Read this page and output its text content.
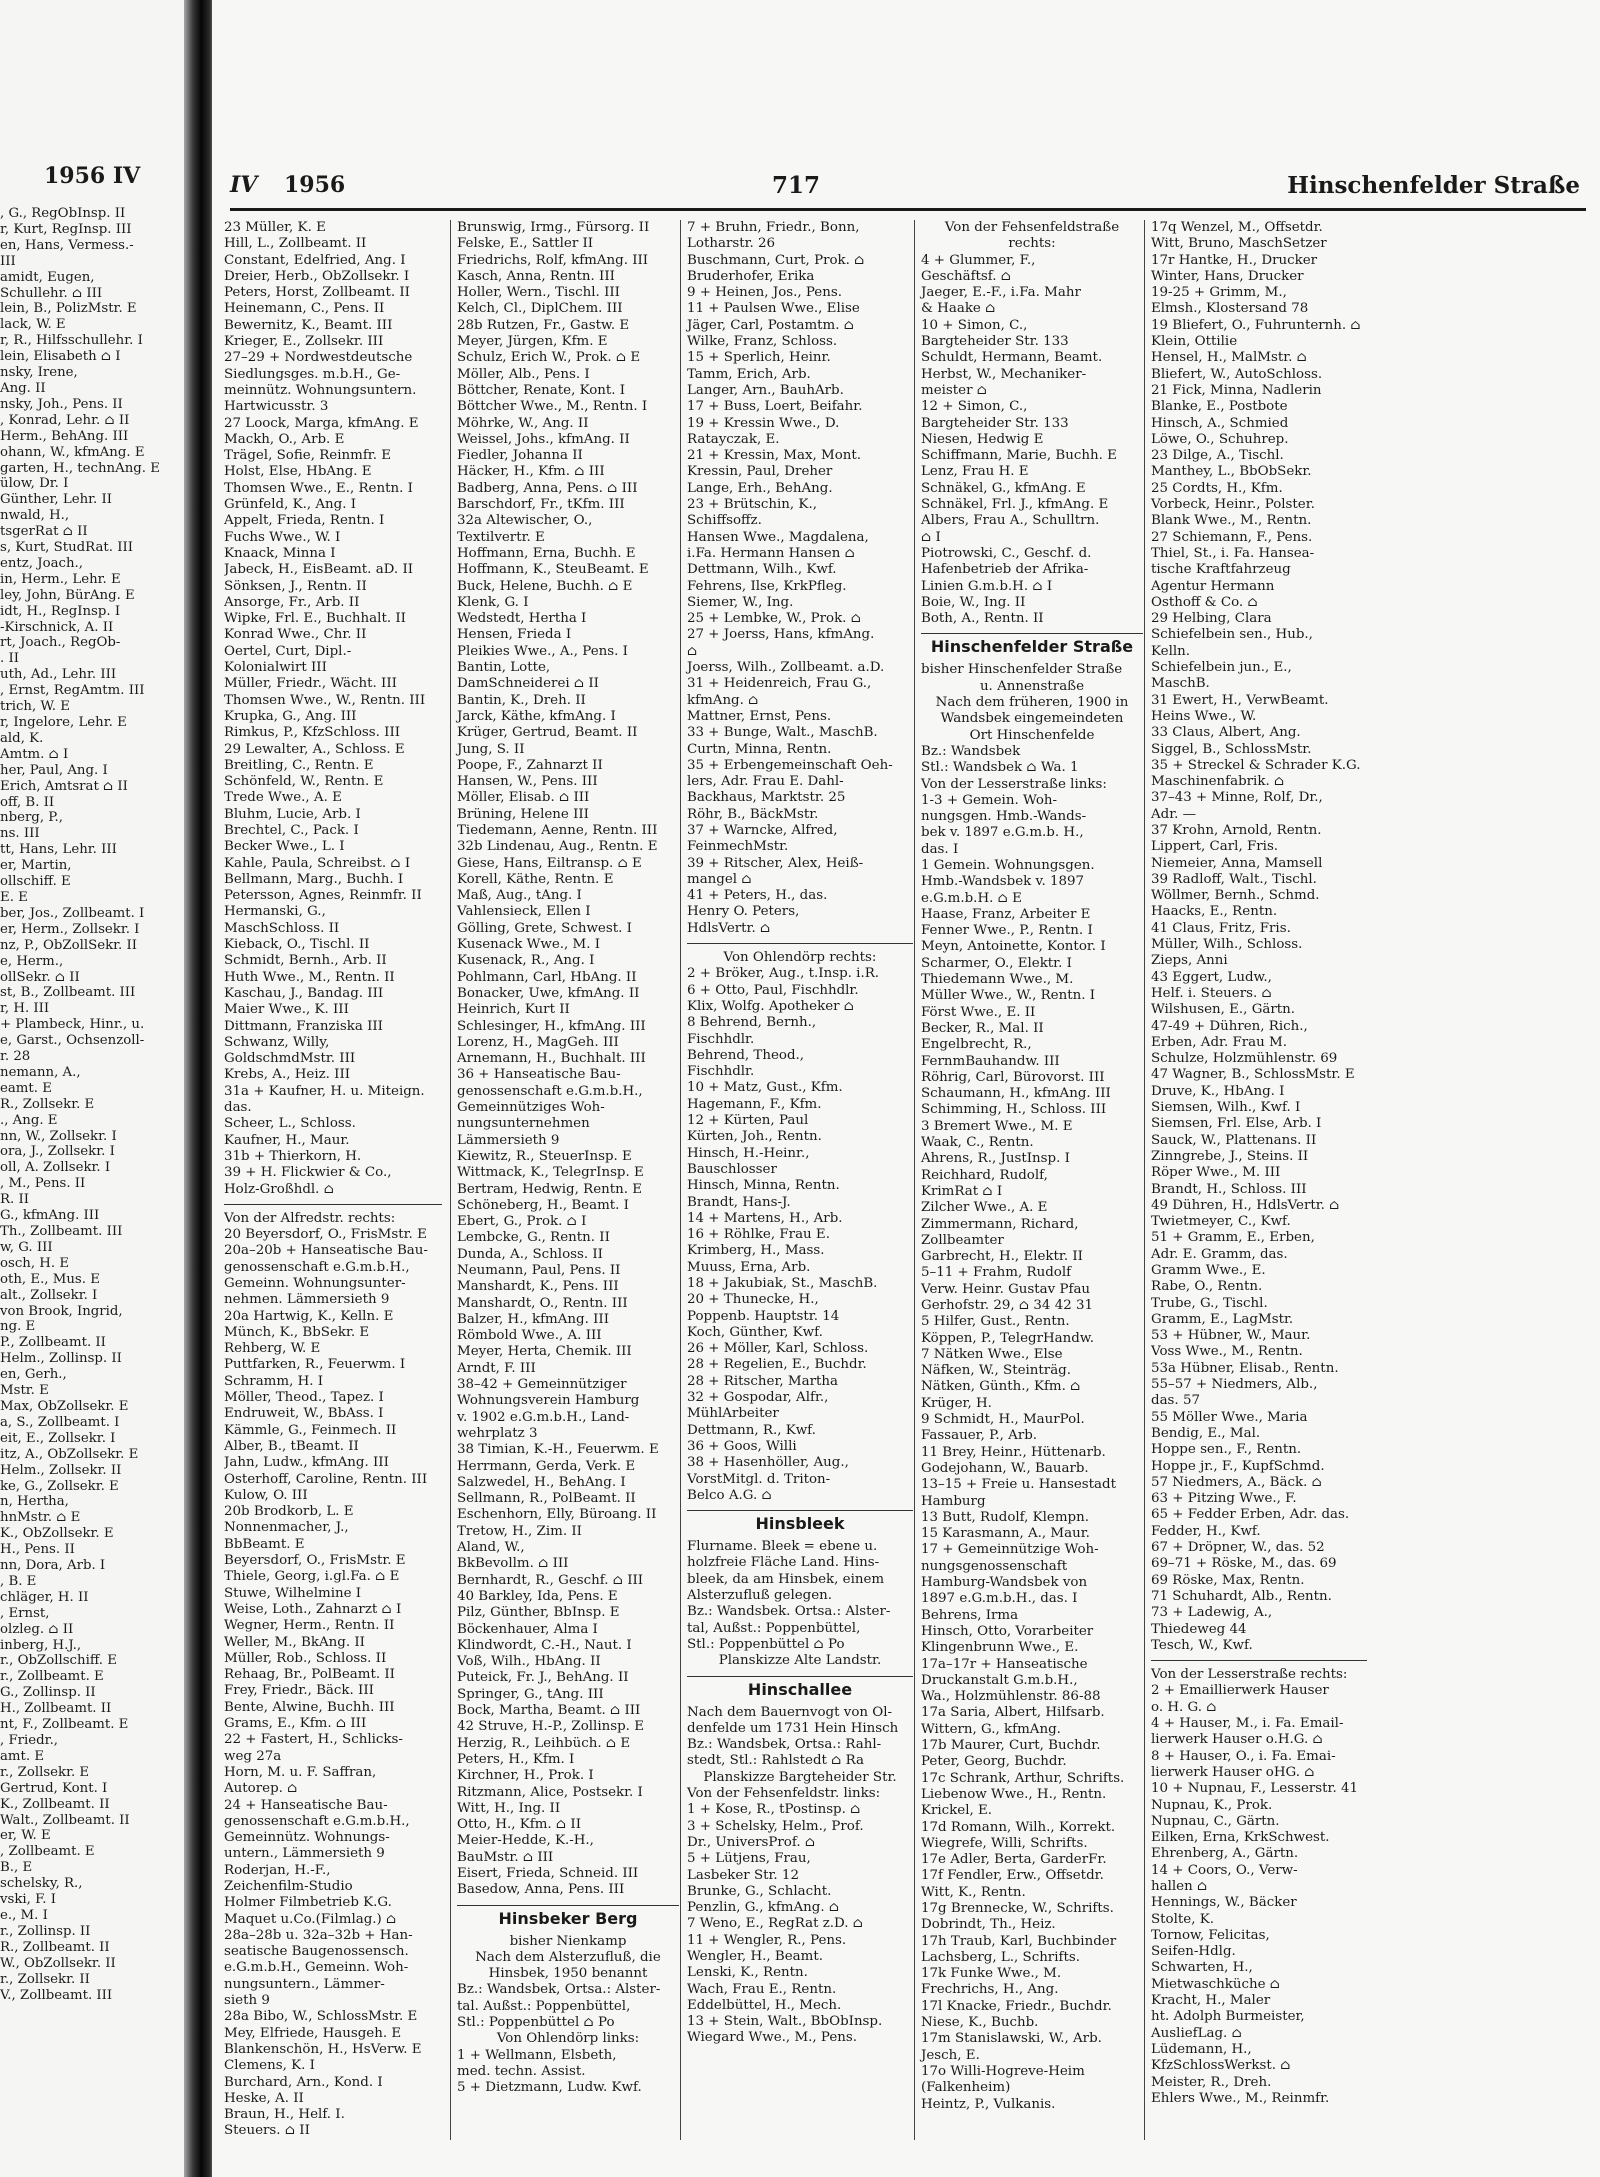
1956 IV
, G., RegObInsp. II
r, Kurt, RegInsp. III
en, Hans, Vermess.-
III
amidt, Eugen,
Schullehr. ⌂ III
lein, B., PolizMstr. E
lack, W. E
r, R., Hilfsschullehr. I
lein, Elisabeth ⌂ I
nsky, Irene,
Ang. II
nsky, Joh., Pens. II
, Konrad, Lehr. ⌂ II
Herm., BehAng. III
ohann, W., kfmAng. E
garten, H., technAng. E
ülow, Dr. I
Günther, Lehr. II
nwald, H.,
tsgerRat ⌂ II
s, Kurt, StudRat. III
entz, Joach.,
in, Herm., Lehr. E
ley, John, BürAng. E
idt, H., RegInsp. I
-Kirschnick, A. II
rt, Joach., RegOb-
. II
uth, Ad., Lehr. III
, Ernst, RegAmtm. III
trich, W. E
r, Ingelore, Lehr. E
ald, K.
Amtm. ⌂ I
her, Paul, Ang. I
Erich, Amtsrat ⌂ II
off, B. II
nberg, P.,
ns. III
tt, Hans, Lehr. III
er, Martin,
ollschiff. E
E. E
ber, Jos., Zollbeamt. I
er, Herm., Zollsekr. I
nz, P., ObZollSekr. II
e, Herm.,
ollSekr. ⌂ II
st, B., Zollbeamt. III
r, H. III
+ Plambeck, Hinr., u.
e, Garst., Ochsenzoll-
r. 28
nemann, A.,
eamt. E
R., Zollsekr. E
., Ang. E
nn, W., Zollsekr. I
ora, J., Zollsekr. I
oll, A. Zollsekr. I
, M., Pens. II
R. II
G., kfmAng. III
Th., Zollbeamt. III
w, G. III
osch, H. E
oth, E., Mus. E
alt., Zollsekr. I
von Brook, Ingrid,
ng. E
P., Zollbeamt. II
Helm., Zollinsp. II
en, Gerh.,
Mstr. E
Max, ObZollsekr. E
a, S., Zollbeamt. I
eit, E., Zollsekr. I
itz, A., ObZollsekr. E
Helm., Zollsekr. II
ke, G., Zollsekr. E
n, Hertha,
hnMstr. ⌂ E
K., ObZollsekr. E
H., Pens. II
nn, Dora, Arb. I
, B. E
chläger, H. II
, Ernst,
olzleg. ⌂ II
inberg, H.J.,
r., ObZollschiff. E
r., Zollbeamt. E
G., Zollinsp. II
H., Zollbeamt. II
nt, F., Zollbeamt. E
, Friedr.,
amt. E
r., Zollsekr. E
Gertrud, Kont. I
K., Zollbeamt. II
Walt., Zollbeamt. II
er, W. E
, Zollbeamt. E
B., E
schelsky, R.,
vski, F. I
e., M. I
r., Zollinsp. II
R., Zollbeamt. II
W., ObZollsekr. II
r., Zollsekr. II
V., Zollbeamt. III
IV 1956	717	Hinschenfelder Straße
23 Müller, K. E
Hill, L., Zollbeamt. II
Constant, Edelfried, Ang. I
Dreier, Herb., ObZollsekr. I
Peters, Horst, Zollbeamt. II
Heinemann, C., Pens. II
Bewernitz, K., Beamt. III
Krieger, E., Zollsekr. III
27–29 + Nordwestdeutsche
Siedlungsges. m.b.H., Ge-
meinnütz. Wohnungsuntern.
Hartwicusstr. 3
27 Loock, Marga, kfmAng. E
Mackh, O., Arb. E
Trägel, Sofie, Reinmfr. E
Holst, Else, HbAng. E
Thomsen Wwe., E., Rentn. I
Grünfeld, K., Ang. I
Appelt, Frieda, Rentn. I
Fuchs Wwe., W. I
Knaack, Minna I
Jabeck, H., EisBeamt. aD. II
Sönksen, J., Rentn. II
Ansorge, Fr., Arb. II
Wipke, Frl. E., Buchhalt. II
Konrad Wwe., Chr. II
Oertel, Curt, Dipl.-
Kolonialwirt III
Müller, Friedr., Wächt. III
Thomsen Wwe., W., Rentn. III
Krupka, G., Ang. III
Rimkus, P., KfzSchloss. III
29 Lewalter, A., Schloss. E
Breitling, C., Rentn. E
Schönfeld, W., Rentn. E
Trede Wwe., A. E
Bluhm, Lucie, Arb. I
Brechtel, C., Pack. I
Becker Wwe., L. I
Kahle, Paula, Schreibst. ⌂ I
Bellmann, Marg., Buchh. I
Petersson, Agnes, Reinmfr. II
Hermanski, G.,
MaschSchloss. II
Kieback, O., Tischl. II
Schmidt, Bernh., Arb. II
Huth Wwe., M., Rentn. II
Kaschau, J., Bandag. III
Maier Wwe., K. III
Dittmann, Franziska III
Schwanz, Willy,
GoldschmdMstr. III
Krebs, A., Heiz. III
31a + Kaufner, H. u. Miteign.
das.
Scheer, L., Schloss.
Kaufner, H., Maur.
31b + Thierkorn, H.
39 + H. Flickwier & Co.,
Holz-Großhdl. ⌂
Von der Alfredstr. rechts:
20 Beyersdorf, O., FrisMstr. E
20a–20b + Hanseatische Bau-
genossenschaft e.G.m.b.H.,
Gemeinn. Wohnungsunter-
nehmen. Lämmersieth 9
20a Hartwig, K., Kelln. E
Münch, K., BbSekr. E
Rehberg, W. E
Puttfarken, R., Feuerwm. I
Schramm, H. I
Möller, Theod., Tapez. I
Endruweit, W., BbAss. I
Kämmle, G., Feinmech. II
Alber, B., tBeamt. II
Jahn, Ludw., kfmAng. III
Osterhoff, Caroline, Rentn. III
Kulow, O. III
20b Brodkorb, L. E
Nonnenmacher, J.,
BbBeamt. E
Beyersdorf, O., FrisMstr. E
Thiele, Georg, i.gl.Fa. ⌂ E
Stuwe, Wilhelmine I
Weise, Loth., Zahnarzt ⌂ I
Wegner, Herm., Rentn. II
Weller, M., BkAng. II
Müller, Rob., Schloss. II
Rehaag, Br., PolBeamt. II
Frey, Friedr., Bäck. III
Bente, Alwine, Buchh. III
Grams, E., Kfm. ⌂ III
22 + Fastert, H., Schlicks-
weg 27a
Horn, M. u. F. Saffran,
Autorep. ⌂
24 + Hanseatische Bau-
genossenschaft e.G.m.b.H.,
Gemeinnütz. Wohnungs-
untern., Lämmersieth 9
Roderjan, H.-F.,
Zeichenfilm-Studio
Holmer Filmbetrieb K.G.
Maquet u.Co.(Filmlag.) ⌂
28a–28b u. 32a–32b + Han-
seatische Baugenossensch.
e.G.m.b.H., Gemeinn. Woh-
nungsuntern., Lämmer-
sieth 9
28a Bibo, W., SchlossMstr. E
Mey, Elfriede, Hausgeh. E
Blankenschön, H., HsVerw. E
Clemens, K. I
Burchard, Arn., Kond. I
Heske, A. II
Braun, H., Helf. I.
Steuers. ⌂ II
Brunswig, Irmg., Fürsorg. II
Felske, E., Sattler II
Friedrichs, Rolf, kfmAng. III
Kasch, Anna, Rentn. III
Holler, Wern., Tischl. III
Kelch, Cl., DiplChem. III
28b Rutzen, Fr., Gastw. E
Meyer, Jürgen, Kfm. E
Schulz, Erich W., Prok. ⌂ E
Möller, Alb., Pens. I
Böttcher, Renate, Kont. I
Böttcher Wwe., M., Rentn. I
Möhrke, W., Ang. II
Weissel, Johs., kfmAng. II
Fiedler, Johanna II
Häcker, H., Kfm. ⌂ III
Badberg, Anna, Pens. ⌂ III
Barschdorf, Fr., tKfm. III
32a Altewischer, O.,
Textilvertr. E
Hoffmann, Erna, Buchh. E
Hoffmann, K., SteuBeamt. E
Buck, Helene, Buchh. ⌂ E
Klenk, G. I
Wedstedt, Hertha I
Hensen, Frieda I
Pleikies Wwe., A., Pens. I
Bantin, Lotte,
DamSchneiderei ⌂ II
Bantin, K., Dreh. II
Jarck, Käthe, kfmAng. I
Krüger, Gertrud, Beamt. II
Jung, S. II
Poope, F., Zahnarzt II
Hansen, W., Pens. III
Möller, Elisab. ⌂ III
Brüning, Helene III
Tiedemann, Aenne, Rentn. III
32b Lindenau, Aug., Rentn. E
Giese, Hans, Eiltransp. ⌂ E
Korell, Käthe, Rentn. E
Maß, Aug., tAng. I
Vahlensieck, Ellen I
Gölling, Grete, Schwest. I
Kusenack Wwe., M. I
Kusenack, R., Ang. I
Pohlmann, Carl, HbAng. II
Bonacker, Uwe, kfmAng. II
Heinrich, Kurt II
Schlesinger, H., kfmAng. III
Lorenz, H., MagGeh. III
Arnemann, H., Buchhalt. III
36 + Hanseatische Bau-
genossenschaft e.G.m.b.H.,
Gemeinnütziges Woh-
nungsunternehmen
Lämmersieth 9
Kiewitz, R., SteuerInsp. E
Wittmack, K., TelegrInsp. E
Bertram, Hedwig, Rentn. E
Schöneberg, H., Beamt. I
Ebert, G., Prok. ⌂ I
Lembcke, G., Rentn. II
Dunda, A., Schloss. II
Neumann, Paul, Pens. II
Manshardt, K., Pens. III
Manshardt, O., Rentn. III
Balzer, H., kfmAng. III
Römbold Wwe., A. III
Meyer, Herta, Chemik. III
Arndt, F. III
38–42 + Gemeinnütziger
Wohnungsverein Hamburg
v. 1902 e.G.m.b.H., Land-
wehrplatz 3
38 Timian, K.-H., Feuerwm. E
Herrmann, Gerda, Verk. E
Salzwedel, H., BehAng. I
Sellmann, R., PolBeamt. II
Eschenhorn, Elly, Büroang. II
Tretow, H., Zim. II
Aland, W.,
BkBevollm. ⌂ III
Bernhardt, R., Geschf. ⌂ III
40 Barkley, Ida, Pens. E
Pilz, Günther, BbInsp. E
Böckenhauer, Alma I
Klindwordt, C.-H., Naut. I
Voß, Wilh., HbAng. II
Puteick, Fr. J., BehAng. II
Springer, G., tAng. III
Bock, Martha, Beamt. ⌂ III
42 Struve, H.-P., Zollinsp. E
Herzig, R., Leihbüch. ⌂ E
Peters, H., Kfm. I
Kirchner, H., Prok. I
Ritzmann, Alice, Postsekr. I
Witt, H., Ing. II
Otto, H., Kfm. ⌂ II
Meier-Hedde, K.-H.,
BauMstr. ⌂ III
Eisert, Frieda, Schneid. III
Basedow, Anna, Pens. III
Hinsbeker Berg
bisher Nienkamp
Nach dem Alsterzufluß, die
Hinsbek, 1950 benannt
Bz.: Wandsbek, Ortsa.: Alster-
tal. Außst.: Poppenbüttel,
Stl.: Poppenbüttel ⌂ Po
Von Ohlendörp links:
1 + Wellmann, Elsbeth,
med. techn. Assist.
5 + Dietzmann, Ludw. Kwf.
7 + Bruhn, Friedr., Bonn,
Lotharstr. 26
Buschmann, Curt, Prok. ⌂
Bruderhofer, Erika
9 + Heinen, Jos., Pens.
11 + Paulsen Wwe., Elise
Jäger, Carl, Postamtm. ⌂
Wilke, Franz, Schloss.
15 + Sperlich, Heinr.
Tamm, Erich, Arb.
Langer, Arn., BauhArb.
17 + Buss, Loert, Beifahr.
19 + Kressin Wwe., D.
Ratayczak, E.
21 + Kressin, Max, Mont.
Kressin, Paul, Dreher
Lange, Erh., BehAng.
23 + Brütschin, K.,
Schiffsoffz.
Hansen Wwe., Magdalena,
i.Fa. Hermann Hansen ⌂
Dettmann, Wilh., Kwf.
Fehrens, Ilse, KrkPfleg.
Siemer, W., Ing.
25 + Lembke, W., Prok. ⌂
27 + Joerss, Hans, kfmAng.
⌂
Joerss, Wilh., Zollbeamt. a.D.
31 + Heidenreich, Frau G.,
kfmAng. ⌂
Mattner, Ernst, Pens.
33 + Bunge, Walt., MaschB.
Curtn, Minna, Rentn.
35 + Erbengemeinschaft Oeh-
lers, Adr. Frau E. Dahl-
Backhaus, Marktstr. 25
Röhr, B., BäckMstr.
37 + Warncke, Alfred,
FeinmechMstr.
39 + Ritscher, Alex, Heiß-
mangel ⌂
41 + Peters, H., das.
Henry O. Peters,
HdlsVertr. ⌂
Von Ohlendörp rechts:
2 + Bröker, Aug., t.Insp. i.R.
6 + Otto, Paul, Fischhdlr.
Klix, Wolfg. Apotheker ⌂
8 Behrend, Bernh.,
Fischhdlr.
Behrend, Theod.,
Fischhdlr.
10 + Matz, Gust., Kfm.
Hagemann, F., Kfm.
12 + Kürten, Paul
Kürten, Joh., Rentn.
Hinsch, H.-Heinr.,
Bauschlosser
Hinsch, Minna, Rentn.
Brandt, Hans-J.
14 + Martens, H., Arb.
16 + Röhlke, Frau E.
Krimberg, H., Mass.
Muuss, Erna, Arb.
18 + Jakubiak, St., MaschB.
20 + Thunecke, H.,
Poppenb. Hauptstr. 14
Koch, Günther, Kwf.
26 + Möller, Karl, Schloss.
28 + Regelien, E., Buchdr.
28 + Ritscher, Martha
32 + Gospodar, Alfr.,
MühlArbeiter
Dettmann, R., Kwf.
36 + Goos, Willi
38 + Hasenhöller, Aug.,
VorstMitgl. d. Triton-
Belco A.G. ⌂
Hinsbleek
Flurname. Bleek = ebene u.
holzfreie Fläche Land. Hins-
bleek, da am Hinsbek, einem
Alsterzufluß gelegen.
Bz.: Wandsbek. Ortsa.: Alster-
tal, Außst.: Poppenbüttel,
Stl.: Poppenbüttel ⌂ Po
Planskizze Alte Landstr.
Hinschallee
Nach dem Bauernvogt von Ol-
denfelde um 1731 Hein Hinsch
Bz.: Wandsbek, Ortsa.: Rahl-
stedt, Stl.: Rahlstedt ⌂ Ra
Planskizze Bargteheider Str.
Von der Fehsenfeldstr. links:
1 + Kose, R., tPostinsp. ⌂
3 + Schelsky, Helm., Prof.
Dr., UniversProf. ⌂
5 + Lütjens, Frau,
Lasbeker Str. 12
Brunke, G., Schlacht.
Penzlin, G., kfmAng. ⌂
7 Weno, E., RegRat z.D. ⌂
11 + Wengler, R., Pens.
Wengler, H., Beamt.
Lenski, K., Rentn.
Wach, Frau E., Rentn.
Eddelbüttel, H., Mech.
13 + Stein, Walt., BbObInsp.
Wiegard Wwe., M., Pens.
Von der Fehsenfeldstraße
rechts:
4 + Glummer, F.,
Geschäftsf. ⌂
Jaeger, E.-F., i.Fa. Mahr
& Haake ⌂
10 + Simon, C.,
Bargteheider Str. 133
Schuldt, Hermann, Beamt.
Herbst, W., Mechaniker-
meister ⌂
12 + Simon, C.,
Bargteheider Str. 133
Niesen, Hedwig E
Schiffmann, Marie, Buchh. E
Lenz, Frau H. E
Schnäkel, G., kfmAng. E
Schnäkel, Frl. J., kfmAng. E
Albers, Frau A., Schulltrn.
⌂ I
Piotrowski, C., Geschf. d.
Hafenbetrieb der Afrika-
Linien G.m.b.H. ⌂ I
Boie, W., Ing. II
Both, A., Rentn. II
Hinschenfelder Straße
bisher Hinschenfelder Straße
u. Annenstraße
Nach dem früheren, 1900 in
Wandsbek eingemeindeten
Ort Hinschenfelde
Bz.: Wandsbek
Stl.: Wandsbek ⌂ Wa. 1
Von der Lesserstraße links:
1-3 + Gemein. Woh-
nungsgen. Hmb.-Wands-
bek v. 1897 e.G.m.b. H.,
das. I
1 Gemein. Wohnungsgen.
Hmb.-Wandsbek v. 1897
e.G.m.b.H. ⌂ E
Haase, Franz, Arbeiter E
Fenner Wwe., P., Rentn. I
Meyn, Antoinette, Kontor. I
Scharmer, O., Elektr. I
Thiedemann Wwe., M.
Müller Wwe., W., Rentn. I
Först Wwe., E. II
Becker, R., Mal. II
Engelbrecht, R.,
FernmBauhandw. III
Röhrig, Carl, Bürovorst. III
Schaumann, H., kfmAng. III
Schimming, H., Schloss. III
3 Bremert Wwe., M. E
Waak, C., Rentn.
Ahrens, R., JustInsp. I
Reichhard, Rudolf,
KrimRat ⌂ I
Zilcher Wwe., A. E
Zimmermann, Richard,
Zollbeamter
Garbrecht, H., Elektr. II
5–11 + Frahm, Rudolf
Verw. Heinr. Gustav Pfau
Gerhofstr. 29, ⌂ 34 42 31
5 Hilfer, Gust., Rentn.
Köppen, P., TelegrHandw.
7 Nätken Wwe., Else
Näfken, W., Steinträg.
Nätken, Günth., Kfm. ⌂
Krüger, H.
9 Schmidt, H., MaurPol.
Fassauer, P., Arb.
11 Brey, Heinr., Hüttenarb.
Godejohann, W., Bauarb.
13–15 + Freie u. Hansestadt
Hamburg
13 Butt, Rudolf, Klempn.
15 Karasmann, A., Maur.
17 + Gemeinnützige Woh-
nungsgenossenschaft
Hamburg-Wandsbek von
1897 e.G.m.b.H., das. I
Behrens, Irma
Hinsch, Otto, Vorarbeiter
Klingenbrunn Wwe., E.
17a–17r + Hanseatische
Druckanstalt G.m.b.H.,
Wa., Holzmühlenstr. 86-88
17a Saria, Albert, Hilfsarb.
Wittern, G., kfmAng.
17b Maurer, Curt, Buchdr.
Peter, Georg, Buchdr.
17c Schrank, Arthur, Schrifts.
Liebenow Wwe., H., Rentn.
Krickel, E.
17d Romann, Wilh., Korrekt.
Wiegrefe, Willi, Schrifts.
17e Adler, Berta, GarderFr.
17f Fendler, Erw., Offsetdr.
Witt, K., Rentn.
17g Brennecke, W., Schrifts.
Dobrindt, Th., Heiz.
17h Traub, Karl, Buchbinder
Lachsberg, L., Schrifts.
17k Funke Wwe., M.
Frechrichs, H., Ang.
17l Knacke, Friedr., Buchdr.
Niese, K., Buchb.
17m Stanislawski, W., Arb.
Jesch, E.
17o Willi-Hogreve-Heim
(Falkenheim)
Heintz, P., Vulkanis.
17q Wenzel, M., Offsetdr.
Witt, Bruno, MaschSetzer
17r Hantke, H., Drucker
Winter, Hans, Drucker
19-25 + Grimm, M.,
Elmsh., Klostersand 78
19 Bliefert, O., Fuhrunternh. ⌂
Klein, Ottilie
Hensel, H., MalMstr. ⌂
Bliefert, W., AutoSchloss.
21 Fick, Minna, Nadlerin
Blanke, E., Postbote
Hinsch, A., Schmied
Löwe, O., Schuhrep.
23 Dilge, A., Tischl.
Manthey, L., BbObSekr.
25 Cordts, H., Kfm.
Vorbeck, Heinr., Polster.
Blank Wwe., M., Rentn.
27 Schiemann, F., Pens.
Thiel, St., i. Fa. Hansea-
tische Kraftfahrzeug
Agentur Hermann
Osthoff & Co. ⌂
29 Helbing, Clara
Schiefelbein sen., Hub.,
Kelln.
Schiefelbein jun., E.,
MaschB.
31 Ewert, H., VerwBeamt.
Heins Wwe., W.
33 Claus, Albert, Ang.
Siggel, B., SchlossMstr.
35 + Streckel & Schrader K.G.
Maschinenfabrik. ⌂
37–43 + Minne, Rolf, Dr.,
Adr. —
37 Krohn, Arnold, Rentn.
Lippert, Carl, Fris.
Niemeier, Anna, Mamsell
39 Radloff, Walt., Tischl.
Wöllmer, Bernh., Schmd.
Haacks, E., Rentn.
41 Claus, Fritz, Fris.
Müller, Wilh., Schloss.
Zieps, Anni
43 Eggert, Ludw.,
Helf. i. Steuers. ⌂
Wilshusen, E., Gärtn.
47-49 + Dühren, Rich.,
Erben, Adr. Frau M.
Schulze, Holzmühlenstr. 69
47 Wagner, B., SchlossMstr. E
Druve, K., HbAng. I
Siemsen, Wilh., Kwf. I
Siemsen, Frl. Else, Arb. I
Sauck, W., Plattenans. II
Zinngrebe, J., Steins. II
Röper Wwe., M. III
Brandt, H., Schloss. III
49 Dühren, H., HdlsVertr. ⌂
Twietmeyer, C., Kwf.
51 + Gramm, E., Erben,
Adr. E. Gramm, das.
Gramm Wwe., E.
Rabe, O., Rentn.
Trube, G., Tischl.
Gramm, E., LagMstr.
53 + Hübner, W., Maur.
Voss Wwe., M., Rentn.
53a Hübner, Elisab., Rentn.
55–57 + Niedmers, Alb.,
das. 57
55 Möller Wwe., Maria
Bendig, E., Mal.
Hoppe sen., F., Rentn.
Hoppe jr., F., KupfSchmd.
57 Niedmers, A., Bäck. ⌂
63 + Pitzing Wwe., F.
65 + Fedder Erben, Adr. das.
Fedder, H., Kwf.
67 + Dröpner, W., das. 52
69–71 + Röske, M., das. 69
69 Röske, Max, Rentn.
71 Schuhardt, Alb., Rentn.
73 + Ladewig, A.,
Thiedeweg 44
Tesch, W., Kwf.
Von der Lesserstraße rechts:
2 + Emaillierwerk Hauser
o. H. G. ⌂
4 + Hauser, M., i. Fa. Email-
lierwerk Hauser o.H.G. ⌂
8 + Hauser, O., i. Fa. Emai-
lierwerk Hauser oHG. ⌂
10 + Nupnau, F., Lesserstr. 41
Nupnau, K., Prok.
Nupnau, C., Gärtn.
Eilken, Erna, KrkSchwest.
Ehrenberg, A., Gärtn.
14 + Coors, O., Verw-
hallen ⌂
Hennings, W., Bäcker
Stolte, K.
Tornow, Felicitas,
Seifen-Hdlg.
Schwarten, H.,
Mietwaschküche ⌂
Kracht, H., Maler
ht. Adolph Burmeister,
AusliefLag. ⌂
Lüdemann, H.,
KfzSchlossWerkst. ⌂
Meister, R., Dreh.
Ehlers Wwe., M., Reinmfr.
